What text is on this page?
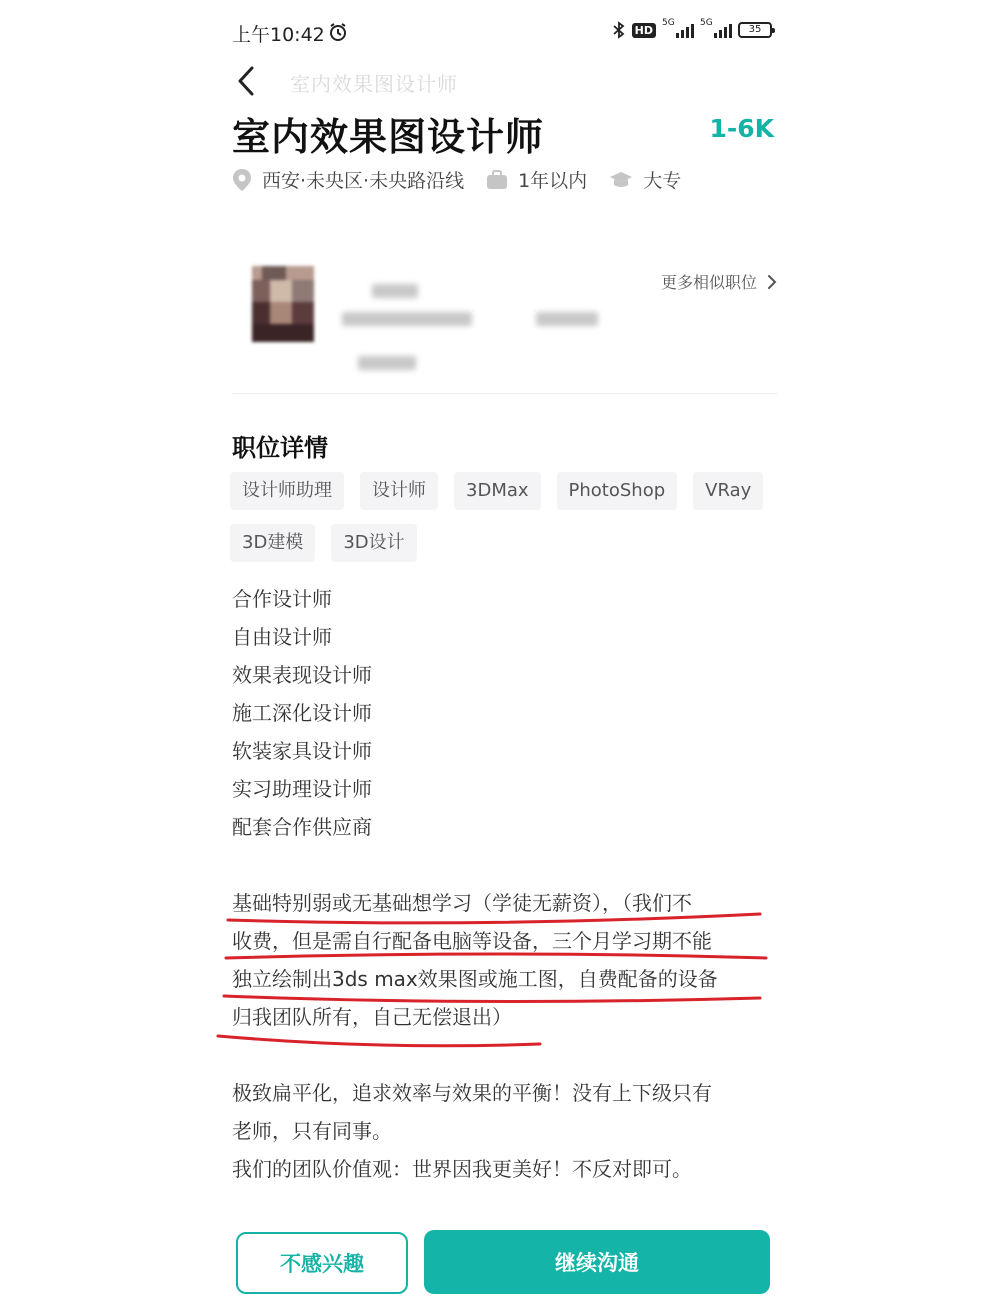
上午10:42	HD
5G	5G
35
室内效果图设计师
室内效果图设计师	1-6K
西安·未央区·未央路沿线	1年以内	大专
更多相似职位
职位详情
设计师助理	设计师	3DMax	PhotoShop	VRay
3D建模	3D设计
合作设计师
自由设计师
效果表现设计师
施工深化设计师
软装家具设计师
实习助理设计师
配套合作供应商
基础特别弱或无基础想学习（学徒无薪资），（我们不
收费，但是需自行配备电脑等设备，三个月学习期不能
独立绘制出3ds max效果图或施工图，自费配备的设备
归我团队所有，自己无偿退出）
极致扁平化，追求效率与效果的平衡！没有上下级只有
老师，只有同事。
我们的团队价值观：世界因我更美好！不反对即可。
不感兴趣	继续沟通
